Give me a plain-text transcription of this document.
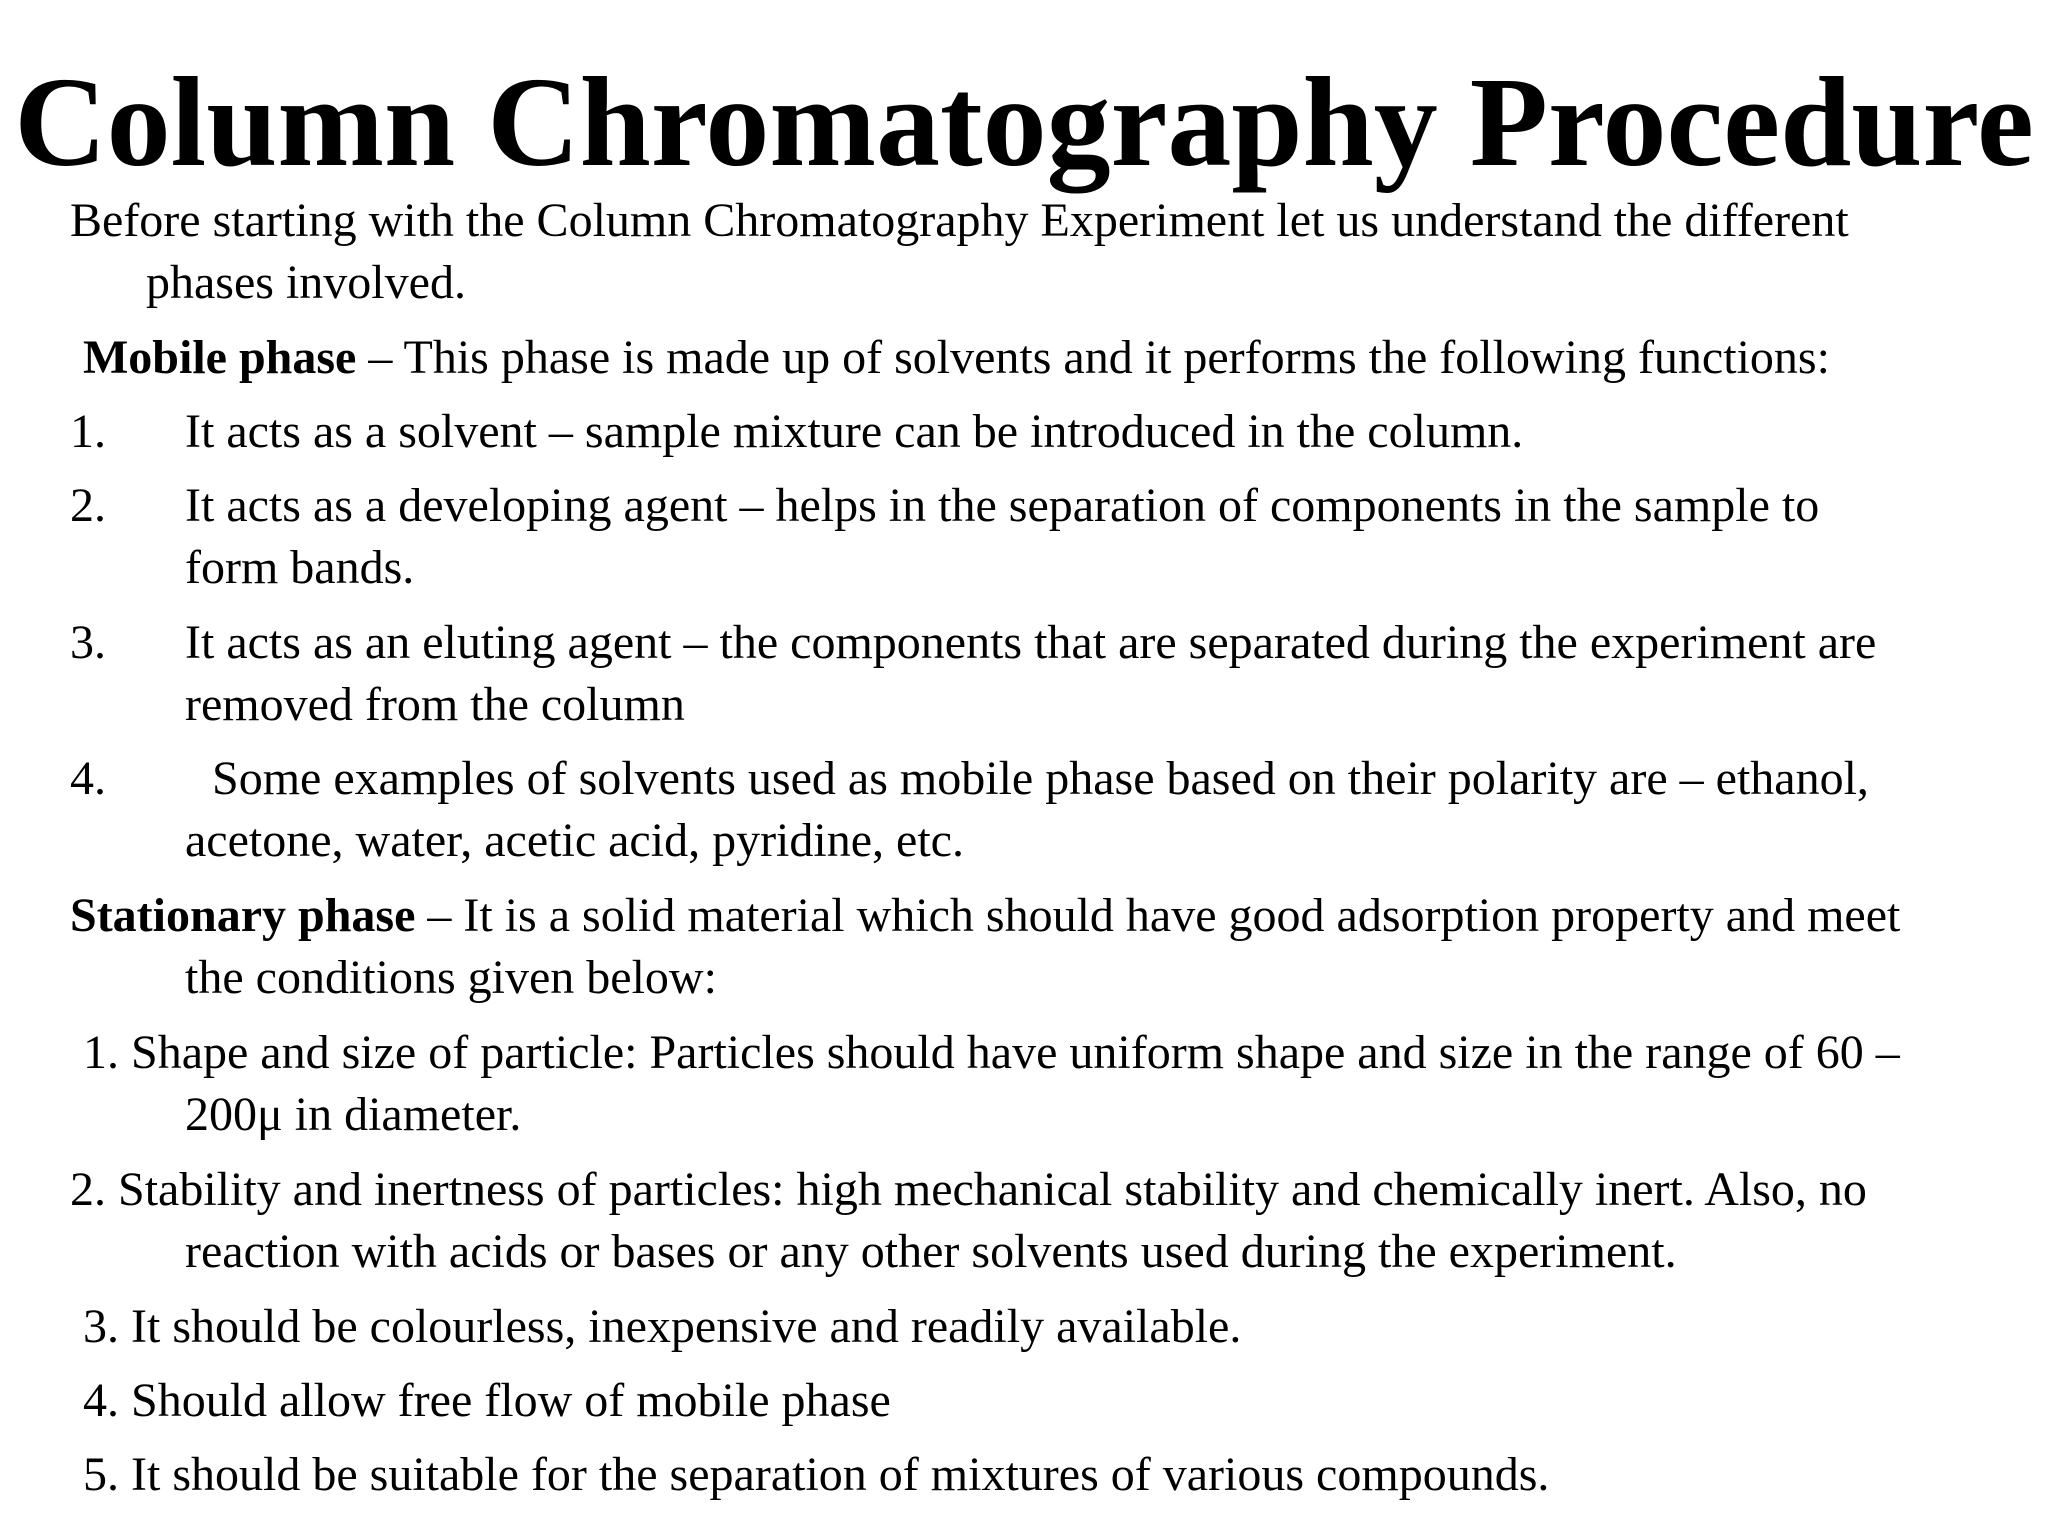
Column Chromatography Procedure

Before starting with the Column Chromatography Experiment let us understand the different
phases involved.

Mobile phase – This phase is made up of solvents and it performs the following functions:

1. It acts as a solvent – sample mixture can be introduced in the column.

2. It acts as a developing agent – helps in the separation of components in the sample to
form bands.

3. It acts as an eluting agent – the components that are separated during the experiment are
removed from the column

4.	Some examples of solvents used as mobile phase based on their polarity are – ethanol,
acetone, water, acetic acid, pyridine, etc.

Stationary phase – It is a solid material which should have good adsorption property and meet
the conditions given below:

1. Shape and size of particle: Particles should have uniform shape and size in the range of 60 –
200μ in diameter.

2. Stability and inertness of particles: high mechanical stability and chemically inert. Also, no
reaction with acids or bases or any other solvents used during the experiment.

3. It should be colourless, inexpensive and readily available.

4. Should allow free flow of mobile phase

5. It should be suitable for the separation of mixtures of various compounds.
